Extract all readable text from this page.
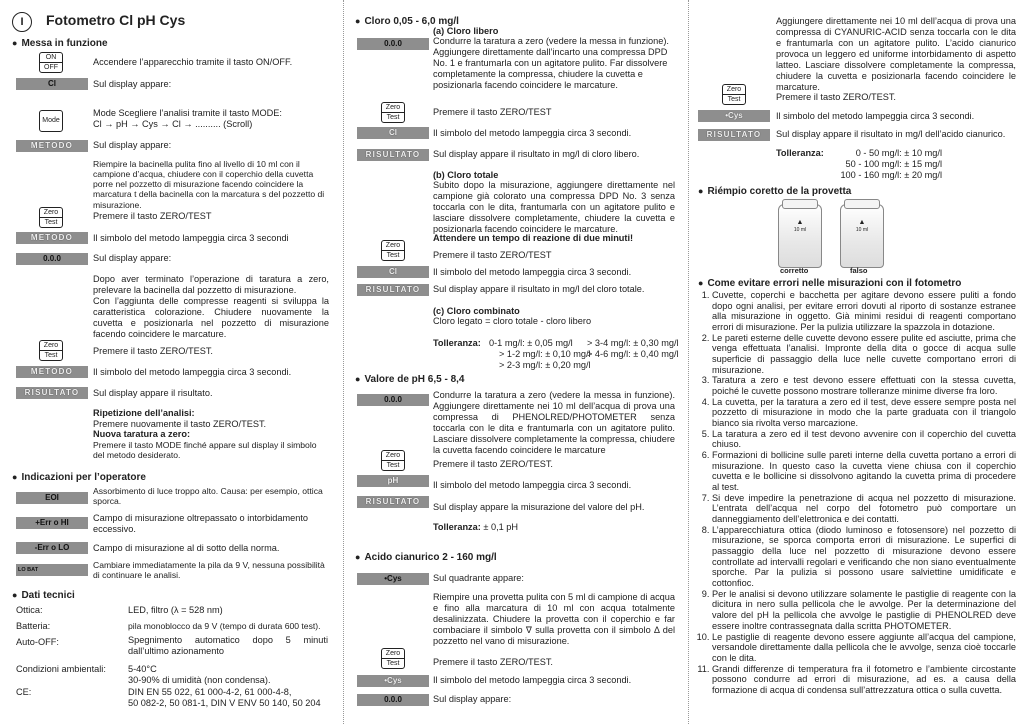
I Fotometro Cl pH Cys
● Messa in funzione
ON
OFF
Accendere l’apparecchio tramite il tasto ON/OFF.
Cl	Sul display appare:
Mode
Mode Scegliere l’analisi tramite il tasto MODE:
Cl → pH → Cys → Cl → .......... (Scroll)
METODO	Sul display appare:
Riempire la bacinella pulita fino al livello di 10 ml con il campione d’acqua, chiudere con il coperchio della cuvetta porre nel pozzetto di misurazione facendo coincidere la marcatura t della bacinella con la marcatura s del pozzetto di misurazione.
Zero
Test
Premere il tasto ZERO/TEST
METODO	Il simbolo del metodo lampeggia circa 3 secondi
0.0.0	Sul display appare:
Dopo aver terminato l’operazione di taratura a zero, prelevare la bacinella dal pozzetto di misurazione.
Con l’aggiunta delle compresse reagenti si sviluppa la caratteristica colorazione. Chiudere nuovamente la cuvetta e posizionarla nel pozzetto di misurazione facendo coincidere le marcature.
Zero
Test	Premere il tasto ZERO/TEST.
METODO	Il simbolo del metodo lampeggia circa 3 secondi.
RISULTATO	Sul display appare il risultato.
Ripetizione dell’analisi:
Premere nuovamente il tasto ZERO/TEST.
Nuova taratura a zero:
Premere il tasto MODE finché appare sul display il simbolo del metodo desiderato.
● Indicazioni per l’operatore
EOI
Assorbimento di luce troppo alto. Causa: per esempio, ottica sporca.
+Err o HI	Campo di misurazione oltrepassato o intorbidamento eccessivo.
-Err o LO	Campo di misurazione al di sotto della norma.
LO BAT	Cambiare immediatamente la pila da 9 V, nessuna possibilità di continuare le analisi.
● Dati tecnici
Ottica:	LED, filtro (λ = 528 nm)
Batteria:	pila monoblocco da 9 V (tempo di durata 600 test).
Auto-OFF:	Spegnimento automatico dopo 5 minuti dall’ultimo azionamento
Condizioni ambientali: 5-40°C
30-90% di umidità (non condensa).
CE:	DIN EN 55 022, 61 000-4-2, 61 000-4-8,
50 082-2, 50 081-1, DIN V ENV 50 140, 50 204
● Cloro 0,05 - 6,0 mg/l
(a) Cloro libero
0.0.0	Condurre la taratura a zero (vedere la messa in funzione). Aggiungere direttamente dall’incarto una compressa DPD No. 1 e frantumarla con un agitatore pulito. Far dissolvere completamente la compressa, chiudere la cuvetta e posizionarla facendo coincidere le marcature.
Zero
Test
Premere il tasto ZERO/TEST
Cl	Il simbolo del metodo lampeggia circa 3 secondi.
RISULTATO	Sul display appare il risultato in mg/l di cloro libero.
(b) Cloro totale
Subito dopo la misurazione, aggiungere direttamente nel campione già colorato una compressa DPD No. 3 senza toccarla con le dita, frantumarla con un agitatore pulito e lasciare dissolvere completamente, chiudere la cuvetta e posizionarla facendo coincidere le marcature.
Attendere un tempo di reazione di due minuti!
Zero
Test	Premere il tasto ZERO/TEST
Cl	Il simbolo del metodo lampeggia circa 3 secondi.
RISULTATO	Sul display appare il risultato in mg/l del cloro totale.
(c) Cloro combinato
Cloro legato = cloro totale - cloro libero
Tolleranza: 0-1 mg/l: ± 0,05 mg/l
> 1-2 mg/l: ± 0,10 mg/l
> 2-3 mg/l: ± 0,20 mg/l
> 3-4 mg/l: ± 0,30 mg/l
> 4-6 mg/l: ± 0,40 mg/l
● Valore de pH 6,5 - 8,4
0.0.0	Condurre la taratura a zero (vedere la messa in funzione). Aggiungere direttamente nei 10 ml dell’acqua di prova una compressa di PHENOLRED/PHOTOMETER senza toccarla con le dita e frantumarla con un agitatore pulito. Lasciare dissolvere completamente la compressa, chiudere la cuvetta facendo coincidere le marcature
Zero
Test	Premere il tasto ZERO/TEST.
pH	Il simbolo del metodo lampeggia circa 3 secondi.
RISULTATO
Sul display appare la misurazione del valore del pH.
Tolleranza: ± 0,1 pH
● Acido cianurico 2 - 160 mg/l
•Cys	Sul quadrante appare:
Riempire una provetta pulita con 5 ml di campione di acqua e fino alla marcatura di 10 ml con acqua totalmente desalinizzata. Chiudere la provetta con il coperchio e far combaciare il simbolo ∇ sulla provetta con il simbolo Δ del pozzetto nel vano di misurazione.
Zero
Test	Premere il tasto ZERO/TEST.
•Cys	Il simbolo del metodo lampeggia circa 3 secondi.
0.0.0	Sul display appare:
Aggiungere direttamente nei 10 ml dell’acqua di prova una compressa di CYANURIC-ACID senza toccarla con le dita e frantumarla con un agitatore pulito. L’acido cianurico provoca un leggero ed uniforme intorbidamento di aspetto latteo. Lasciare dissolvere completamente la compressa, chiudere la cuvetta e posizionarla facendo coincidere le marcature.
Zero
Test	Premere il tasto ZERO/TEST.
•Cys	Il simbolo del metodo lampeggia circa 3 secondi.
RISULTATO	Sul display appare il risultato in mg/l dell’acido cianurico.
Tolleranza:	0 - 50 mg/l: ± 10 mg/l
50 - 100 mg/l: ± 15 mg/l
100 - 160 mg/l: ± 20 mg/l
● Riémpio coretto de la provetta
▲
10 ml
▲
10 ml
corretto	falso
● Come evitare errori nelle misurazioni con il fotometro
1. Cuvette, coperchi e bacchetta per agitare devono essere puliti a fondo dopo ogni analisi, per evitare errori dovuti al riporto di sostanze estranee alla misurazione in oggetto. Già minimi residui di reagenti comportano errori di misurazione. Per la pulizia utilizzare la spazzola in dotazione.
2. Le pareti esterne delle cuvette devono essere pulite ed asciutte, prima che venga effettuata l’analisi. Impronte della dita o gocce di acqua sulle superficie di passaggio della luce nelle cuvette comportano errori di misurazione.
3. Taratura a zero e test devono essere effettuati con la stessa cuvetta, poiché le cuvette possono mostrare tolleranze minime diverse fra loro.
4. La cuvetta, per la taratura a zero ed il test, deve essere sempre posta nel pozzetto di misurazione in modo che la parte graduata con il triangolo bianco sia rivolta verso marcazione.
5. La taratura a zero ed il test devono avvenire con il coperchio del cuvetta chiuso.
6. Formazioni di bollicine sulle pareti interne della cuvetta portano a errori di misurazione. In questo caso la cuvetta viene chiusa con il coperchio cuvetta e le bollicine si dissolvono agitando la cuvetta prima di procedere al test.
7. Si deve impedire la penetrazione di acqua nel pozzetto di misurazione. L’entrata dell’acqua nel corpo del fotometro può comportare un danneggiamento dell’elettronica e dei contatti.
8. L’apparecchiatura ottica (diodo luminoso e fotosensore) nel pozzetto di misurazione, se sporca comporta errori di misurazione. Le superfici di passaggio della luce nel pozzetto di misurazione devono essere controllate ad intervalli regolari e verificando che non siano eventualmente sporche. Par la pulizia si possono usare salviettine umidificate e cottonfioc.
9. Per le analisi si devono utilizzare solamente le pastiglie di reagente con la dicitura in nero sulla pellicola che le avvolge. Per la determinazione del valore del pH la pellicola che avvolge le pastiglie di PHENOLRED deve essere inoltre contrassegnata dalla scritta PHOTOMETER.
10. Le pastiglie di reagente devono essere aggiunte all’acqua del campione, versandole direttamente dalla pellicola che le avvolge, senza cioè toccarle con le dita.
11. Grandi differenze di temperatura fra il fotometro e l’ambiente circostante possono condurre ad errori di misurazione, ad es. a causa della formazione di acqua di condensa sull’attrezzatura ottica o sulla cuvetta.
